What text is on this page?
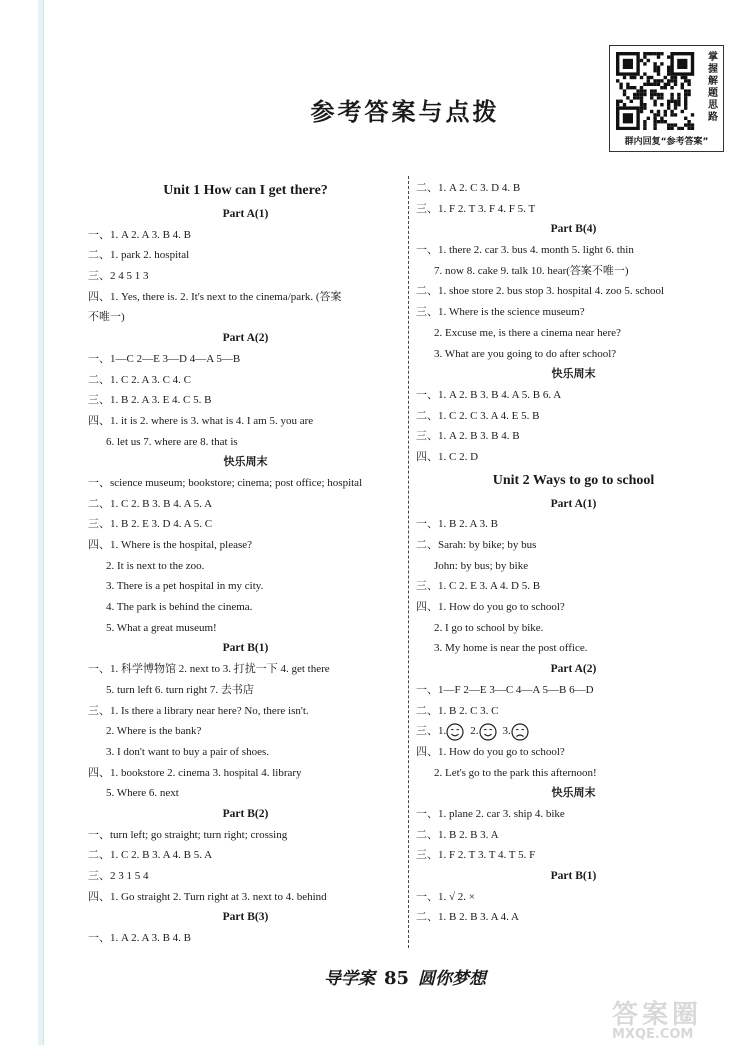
掌握解题思路
群内回复“参考答案”
参考答案与点拨
Unit 1 How can I get there?
Part A(1)
一、1. A 2. A 3. B 4. B
二、1. park 2. hospital
三、2 4 5 1 3
四、1. Yes, there is. 2. It's next to the cinema/park. (答案
不唯一)
Part A(2)
一、1—C 2—E 3—D 4—A 5—B
二、1. C 2. A 3. C 4. C
三、1. B 2. A 3. E 4. C 5. B
四、1. it is 2. where is 3. what is 4. I am 5. you are
6. let us 7. where are 8. that is
快乐周末
一、science museum; bookstore; cinema; post office; hospital
二、1. C 2. B 3. B 4. A 5. A
三、1. B 2. E 3. D 4. A 5. C
四、1. Where is the hospital, please?
2. It is next to the zoo.
3. There is a pet hospital in my city.
4. The park is behind the cinema.
5. What a great museum!
Part B(1)
一、1. 科学博物馆 2. next to 3. 打扰一下 4. get there
5. turn left 6. turn right 7. 去书店
三、1. Is there a library near here? No, there isn't.
2. Where is the bank?
3. I don't want to buy a pair of shoes.
四、1. bookstore 2. cinema 3. hospital 4. library
5. Where 6. next
Part B(2)
一、turn left; go straight; turn right; crossing
二、1. C 2. B 3. A 4. B 5. A
三、2 3 1 5 4
四、1. Go straight 2. Turn right at 3. next to 4. behind
Part B(3)
一、1. A 2. A 3. B 4. B
二、1. A 2. C 3. D 4. B
三、1. F 2. T 3. F 4. F 5. T
Part B(4)
一、1. there 2. car 3. bus 4. month 5. light 6. thin
7. now 8. cake 9. talk 10. hear(答案不唯一)
二、1. shoe store 2. bus stop 3. hospital 4. zoo 5. school
三、1. Where is the science museum?
2. Excuse me, is there a cinema near here?
3. What are you going to do after school?
快乐周末
一、1. A 2. B 3. B 4. A 5. B 6. A
二、1. C 2. C 3. A 4. E 5. B
三、1. A 2. B 3. B 4. B
四、1. C 2. D
Unit 2 Ways to go to school
Part A(1)
一、1. B 2. A 3. B
二、Sarah: by bike; by bus
John: by bus; by bike
三、1. C 2. E 3. A 4. D 5. B
四、1. How do you go to school?
2. I go to school by bike.
3. My home is near the post office.
Part A(2)
一、1—F 2—E 3—C 4—A 5—B 6—D
二、1. B 2. C 3. C
三、1. 2. 3.
四、1. How do you go to school?
2. Let's go to the park this afternoon!
快乐周末
一、1. plane 2. car 3. ship 4. bike
二、1. B 2. B 3. A
三、1. F 2. T 3. T 4. T 5. F
Part B(1)
一、1. √ 2. ×
二、1. B 2. B 3. A 4. A
导学案 85 圆你梦想
答案圈
MXQE.COM
